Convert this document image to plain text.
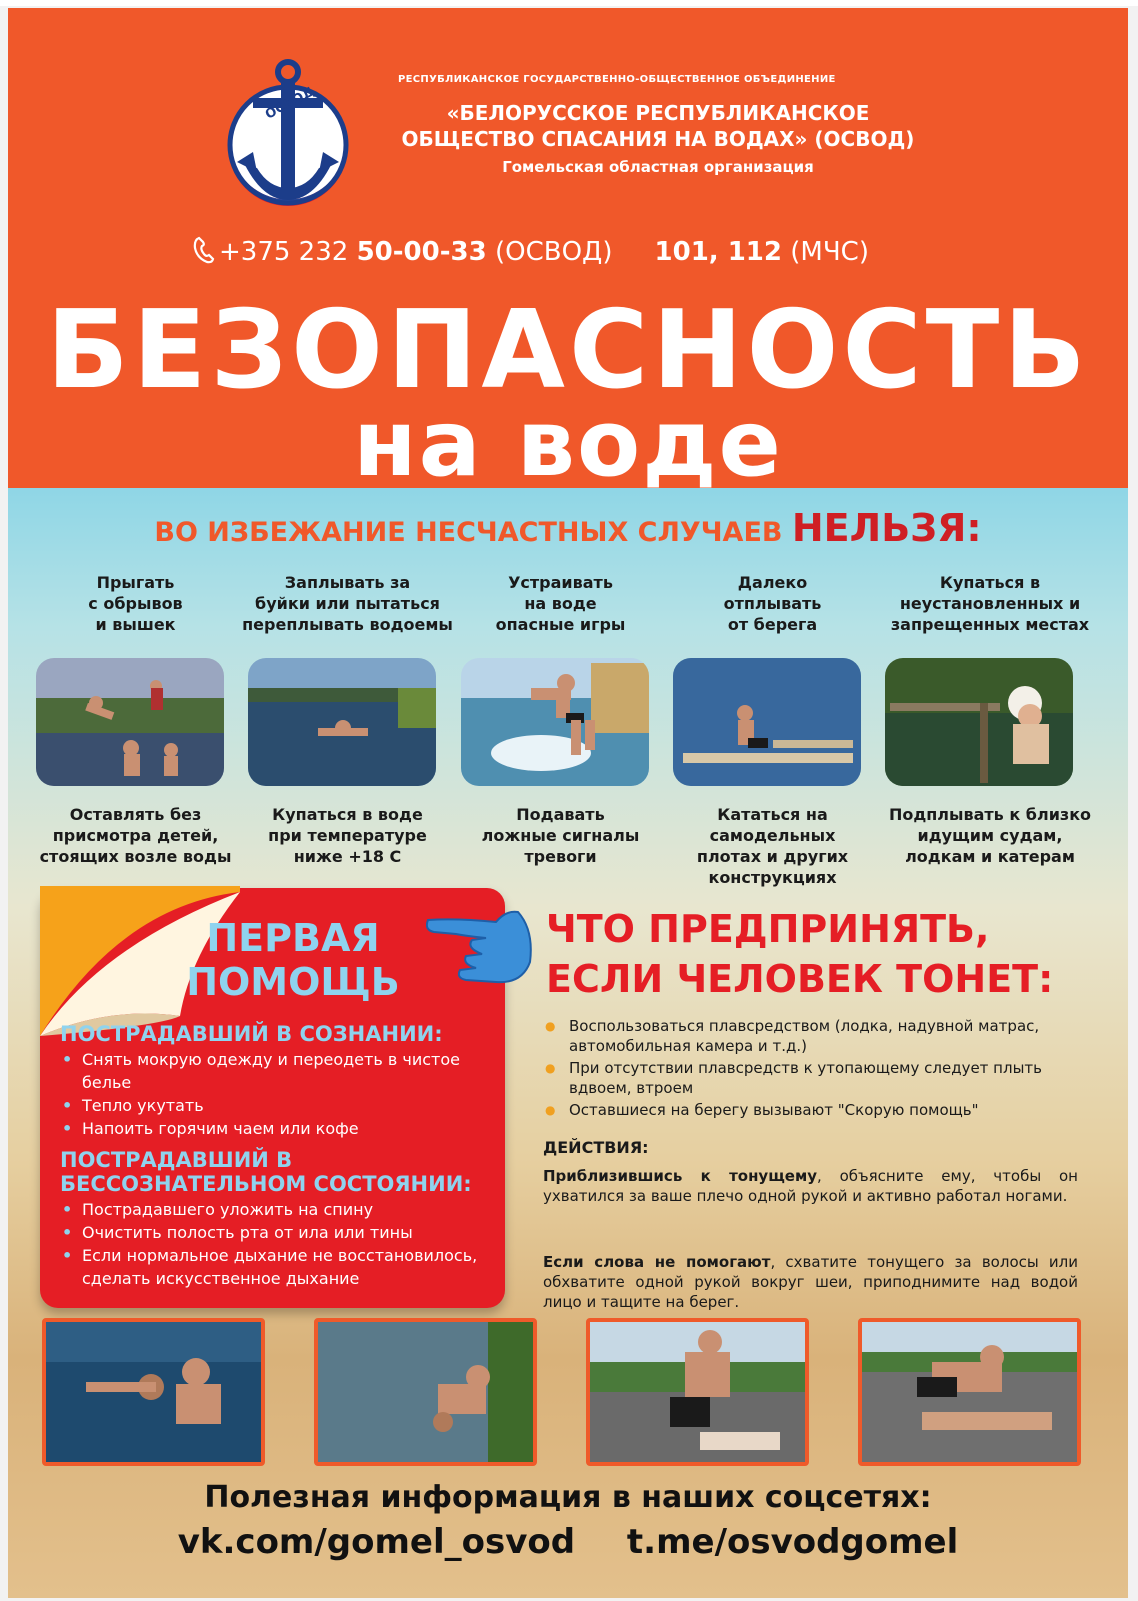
ОСВОД
РЕСПУБЛИКАНСКОЕ ГОСУДАРСТВЕННО-ОБЩЕСТВЕННОЕ ОБЪЕДИНЕНИЕ
«БЕЛОРУССКОЕ РЕСПУБЛИКАНСКОЕ
ОБЩЕСТВО СПАСАНИЯ НА ВОДАХ» (ОСВОД)
Гомельская областная организация
+375 232 50-00-33 (ОСВОД) 101, 112 (МЧС)
БЕЗОПАСНОСТЬ
на воде
ВО ИЗБЕЖАНИЕ НЕСЧАСТНЫХ СЛУЧАЕВ НЕЛЬЗЯ:
Прыгать
с обрывов
и вышек
Заплывать за
буйки или пытаться
переплывать водоемы
Устраивать
на воде
опасные игры
Далеко
отплывать
от берега
Купаться в
неустановленных и
запрещенных местах
Оставлять без
присмотра детей,
стоящих возле воды
Купаться в воде
при температуре
ниже +18 С
Подавать
ложные сигналы
тревоги
Кататься на
самодельных
плотах и других
конструкциях
Подплывать к близко
идущим судам,
лодкам и катерам
ПЕРВАЯ
ПОМОЩЬ
ПОСТРАДАВШИЙ В СОЗНАНИИ:
• Снять мокрую одежду и переодеть в чистое белье
• Тепло укутать
• Напоить горячим чаем или кофе
ПОСТРАДАВШИЙ В
БЕССОЗНАТЕЛЬНОМ СОСТОЯНИИ:
• Пострадавшего уложить на спину
• Очистить полость рта от ила или тины
• Если нормальное дыхание не восстановилось, сделать искусственное дыхание
ЧТО ПРЕДПРИНЯТЬ,
ЕСЛИ ЧЕЛОВЕК ТОНЕТ:
● Воспользоваться плавсредством (лодка, надувной матрас, автомобильная камера и т.д.)
● При отсутствии плавсредств к утопающему следует плыть вдвоем, втроем
● Оставшиеся на берегу вызывают "Скорую помощь"
ДЕЙСТВИЯ:
Приблизившись к тонущему, объясните ему, чтобы он ухватился за ваше плечо одной рукой и активно работал ногами.
Если слова не помогают, схватите тонущего за волосы или обхватите одной рукой вокруг шеи, приподнимите над водой лицо и тащите на берег.
Полезная информация в наших соцсетях:
vk.com/gomel_osvod t.me/osvodgomel
